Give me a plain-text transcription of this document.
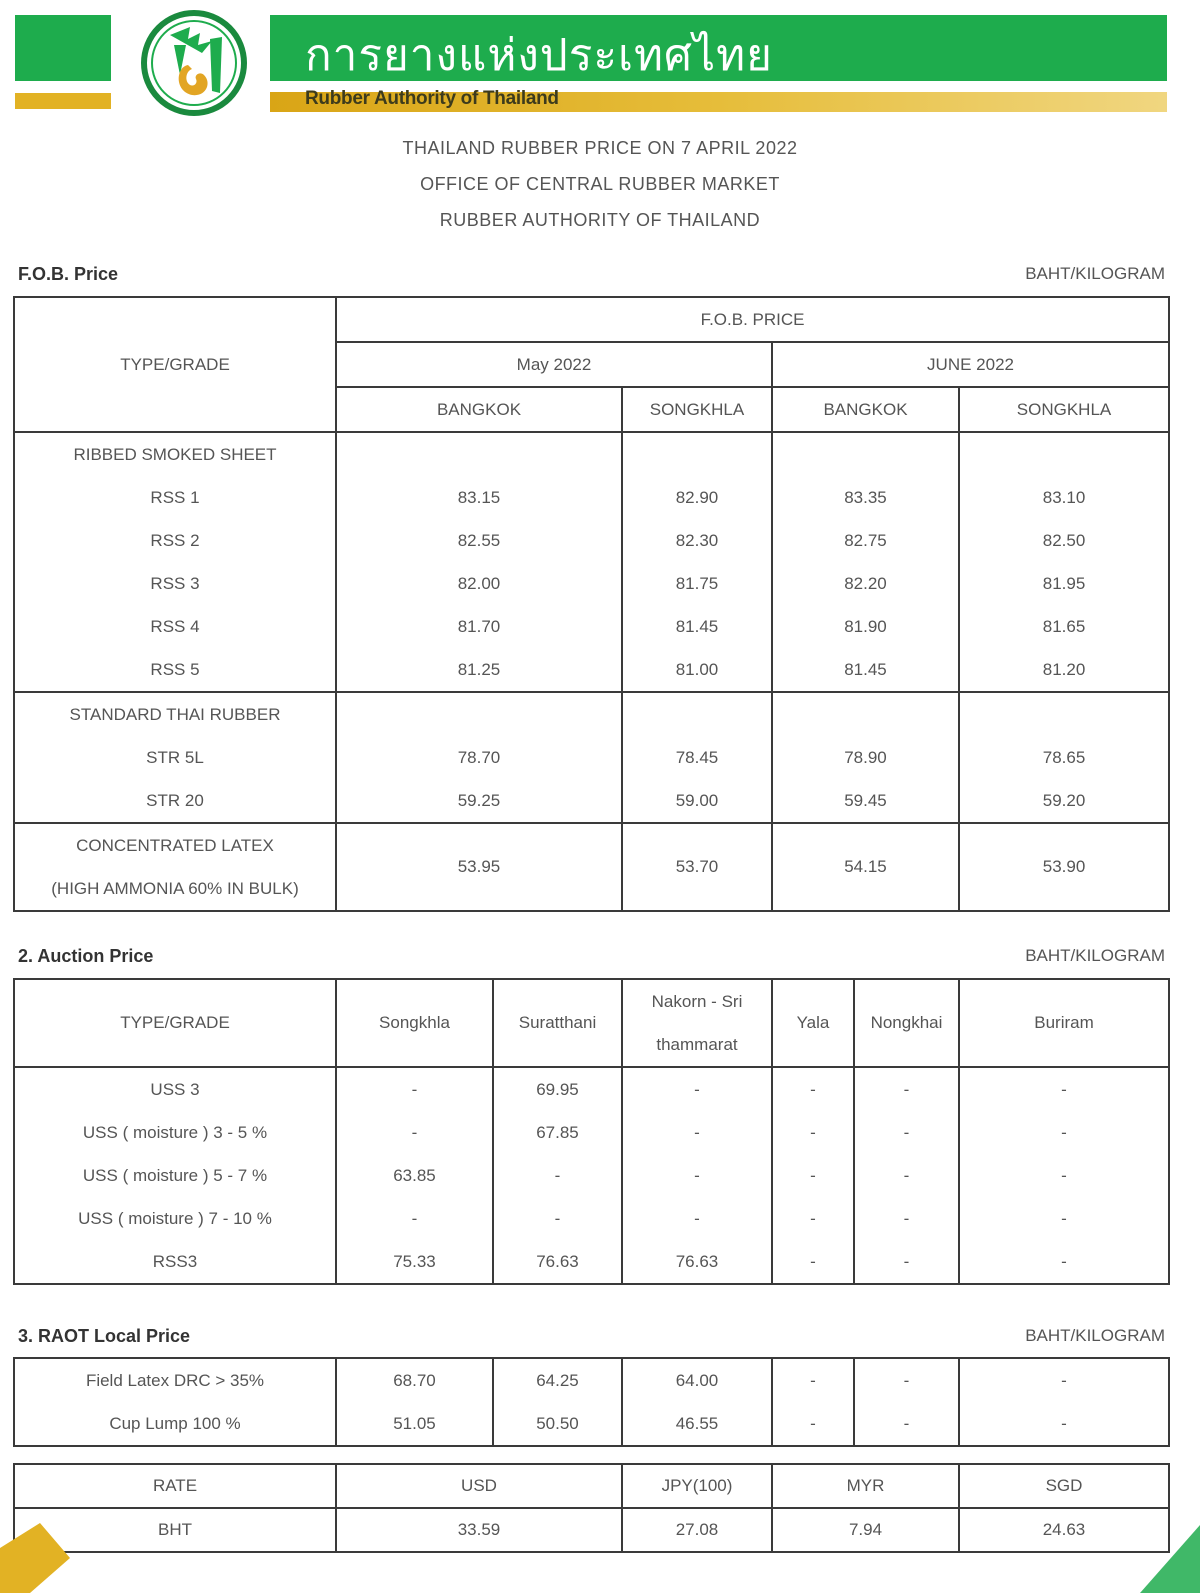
การยางแห่งประเทศไทย
Rubber Authority of Thailand
THAILAND RUBBER PRICE ON 7 APRIL 2022
OFFICE OF CENTRAL RUBBER MARKET
RUBBER AUTHORITY OF THAILAND
F.O.B. Price	BAHT/KILOGRAM
TYPE/GRADE	F.O.B. PRICE			
	May 2022		JUNE 2022	
	BANGKOK	SONGKHLA	BANGKOK	SONGKHLA
RIBBED SMOKED SHEET				
RSS 1	83.15	82.90	83.35	83.10
RSS 2	82.55	82.30	82.75	82.50
RSS 3	82.00	81.75	82.20	81.95
RSS 4	81.70	81.45	81.90	81.65
RSS 5	81.25	81.00	81.45	81.20
STANDARD THAI RUBBER				
STR 5L	78.70	78.45	78.90	78.65
STR 20	59.25	59.00	59.45	59.20
CONCENTRATED LATEX	53.95	53.70	54.15	53.90
(HIGH AMMONIA 60% IN BULK)				
2. Auction Price	BAHT/KILOGRAM
TYPE/GRADE	Songkhla	Suratthani	Nakorn - Sri	Yala	Nongkhai	Buriram
			thammarat			
USS 3	-	69.95	-	-	-	-
USS ( moisture ) 3 - 5 %	-	67.85	-	-	-	-
USS ( moisture ) 5 - 7 %	63.85	-	-	-	-	-
USS ( moisture ) 7 - 10 %	-	-	-	-	-	-
RSS3	75.33	76.63	76.63	-	-	-
3. RAOT Local Price	BAHT/KILOGRAM
Field Latex DRC > 35%	68.70	64.25	64.00	-	-	-
Cup Lump 100 %	51.05	50.50	46.55	-	-	-
RATE	USD	JPY(100)	MYR	SGD
BHT	33.59	27.08	7.94	24.63
